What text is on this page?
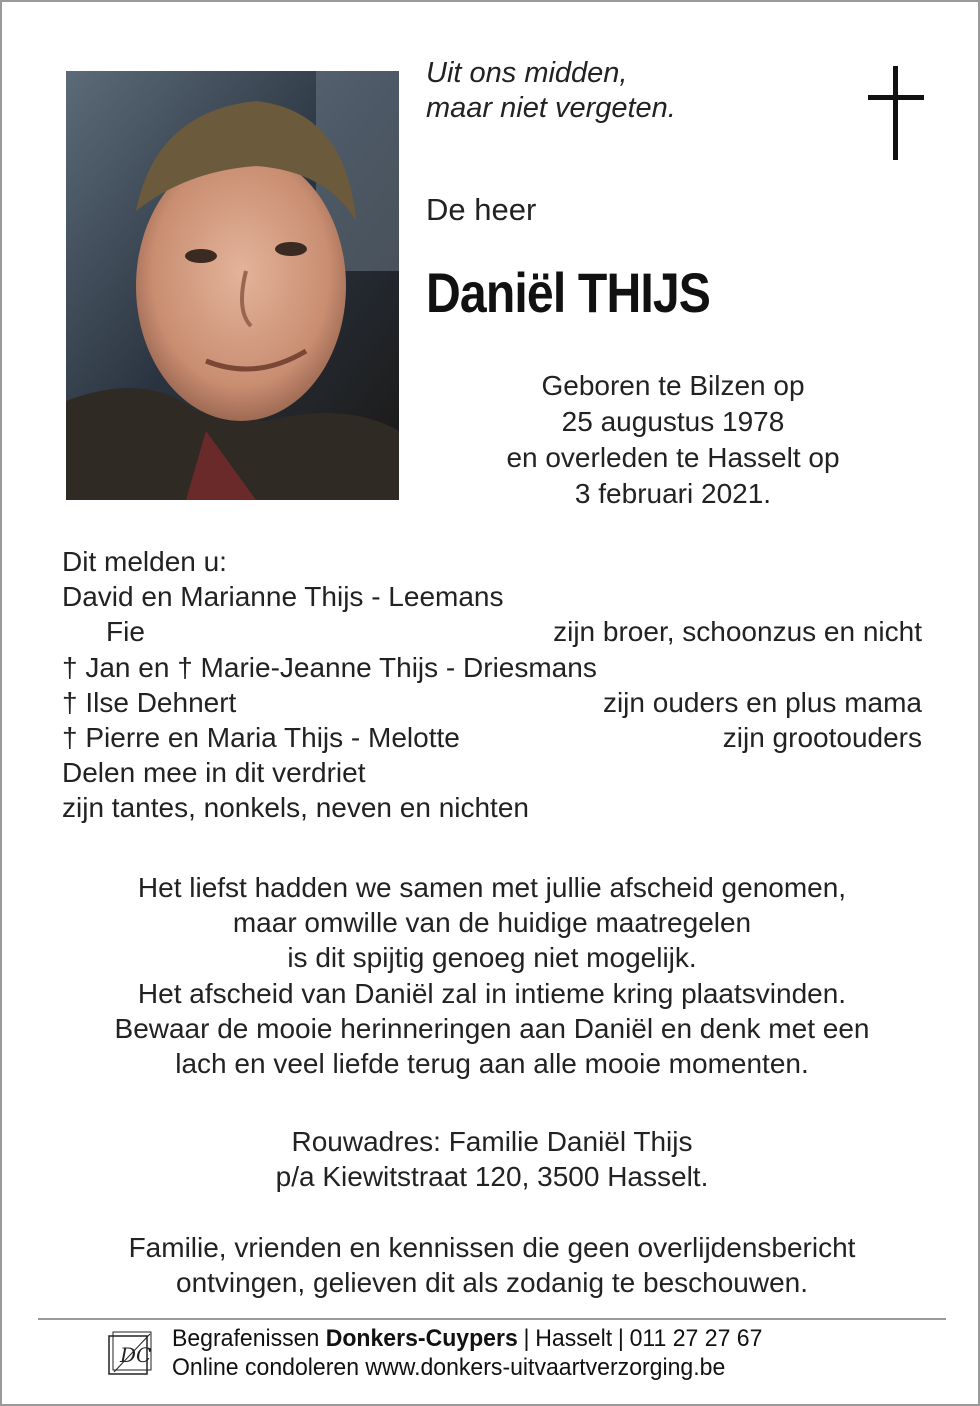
Uit ons midden,
maar niet vergeten.
De heer
Daniël THIJS
Geboren te Bilzen op
25 augustus 1978
en overleden te Hasselt op
3 februari 2021.
Dit melden u:
David en Marianne Thijs - Leemans
Fie	zijn broer, schoonzus en nicht
† Jan en † Marie-Jeanne Thijs - Driesmans
† Ilse Dehnert	zijn ouders en plus mama
† Pierre en Maria Thijs - Melotte	zijn grootouders
Delen mee in dit verdriet
zijn tantes, nonkels, neven en nichten
Het liefst hadden we samen met jullie afscheid genomen,
maar omwille van de huidige maatregelen
is dit spijtig genoeg niet mogelijk.
Het afscheid van Daniël zal in intieme kring plaatsvinden.
Bewaar de mooie herinneringen aan Daniël en denk met een
lach en veel liefde terug aan alle mooie momenten.
Rouwadres: Familie Daniël Thijs
p/a Kiewitstraat 120, 3500 Hasselt.
Familie, vrienden en kennissen die geen overlijdensbericht
ontvingen, gelieven dit als zodanig te beschouwen.
DC
Begrafenissen Donkers-Cuypers | Hasselt | 011 27 27 67
Online condoleren www.donkers-uitvaartverzorging.be
